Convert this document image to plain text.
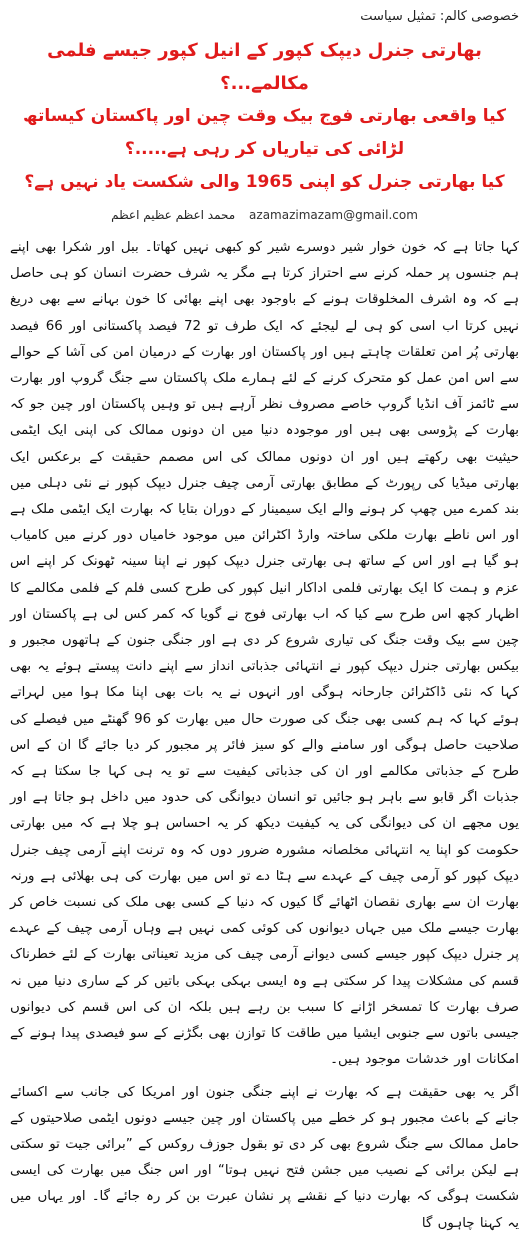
خصوصی کالم: تمثیل سیاست
بھارتی جنرل دیپک کپور کے انیل کپور جیسے فلمی مکالمے...؟
کیا واقعی بھارتی فوج بیک وقت چین اور پاکستان کیساتھ لڑائی کی تیاریاں کر رہی ہے.....؟
کیا بھارتی جنرل کو اپنی 1965 والی شکست یاد نہیں ہے؟
azamazimazam@gmail.com محمد اعظم عظیم اعظم

کہا جاتا ہے کہ خون خوار شیر دوسرے شیر کو کبھی نہیں کھاتا۔ ببل اور شکرا بھی اپنے ہم جنسوں پر حملہ کرنے سے احتراز کرتا ہے مگر یہ شرف حضرت انسان کو ہی حاصل ہے کہ وہ اشرف المخلوقات ہونے کے باوجود بھی اپنے بھائی کا خون بہانے سے بھی دریغ نہیں کرتا اب اسی کو ہی لے لیجئے کہ ایک طرف تو 72 فیصد پاکستانی اور 66 فیصد بھارتی پُر امن تعلقات چاہتے ہیں اور پاکستان اور بھارت کے درمیان امن کی آشا کے حوالے سے اس امن عمل کو متحرک کرنے کے لئے ہمارے ملک پاکستان سے جنگ گروپ اور بھارت سے ٹائمز آف انڈیا گروپ خاصے مصروف نظر آرہے ہیں تو وہیں پاکستان اور چین جو کہ بھارت کے پڑوسی بھی ہیں اور موجودہ دنیا میں ان دونوں ممالک کی اپنی ایک ایٹمی حیثیت بھی رکھتے ہیں اور ان دونوں ممالک کی اس مصمم حقیقت کے برعکس ایک بھارتی میڈیا کی رپورٹ کے مطابق بھارتی آرمی چیف جنرل دیپک کپور نے نئی دہلی میں بند کمرے میں چھپ کر ہونے والے ایک سیمینار کے دوران بتایا کہ بھارت ایک ایٹمی ملک ہے اور اس ناطے بھارت ملکی ساختہ وارڈ اکٹرائن میں موجود خامیاں دور کرنے میں کامیاب ہو گیا ہے اور اس کے ساتھ ہی بھارتی جنرل دیپک کپور نے اپنا سینہ ٹھونک کر اپنے اس عزم و ہمت کا ایک بھارتی فلمی اداکار انیل کپور کی طرح کسی فلم کے فلمی مکالمے کا اظہار کچھ اس طرح سے کیا کہ اب بھارتی فوج نے گویا کہ کمر کس لی ہے پاکستان اور چین سے بیک وقت جنگ کی تیاری شروع کر دی ہے اور جنگی جنون کے ہاتھوں مجبور و بیکس بھارتی جنرل دیپک کپور نے انتہائی جذباتی انداز سے اپنے دانت پیستے ہوئے یہ بھی کہا کہ نئی ڈاکٹرائن جارحانہ ہوگی اور انہوں نے یہ بات بھی اپنا مکا ہوا میں لہراتے ہوئے کہا کہ ہم کسی بھی جنگ کی صورت حال میں بھارت کو 96 گھنٹے میں فیصلے کی صلاحیت حاصل ہوگی اور سامنے والے کو سیز فائر پر مجبور کر دیا جائے گا ان کے اس طرح کے جذباتی مکالمے اور ان کی جذباتی کیفیت سے تو یہ ہی کہا جا سکتا ہے کہ جذبات اگر قابو سے باہر ہو جائیں تو انسان دیوانگی کی حدود میں داخل ہو جاتا ہے اور یوں مجھے ان کی دیوانگی کی یہ کیفیت دیکھ کر یہ احساس ہو چلا ہے کہ میں بھارتی حکومت کو اپنا یہ انتہائی مخلصانہ مشورہ ضرور دوں کہ وہ ترنت اپنے آرمی چیف جنرل دیپک کپور کو آرمی چیف کے عہدے سے ہٹا دے تو اس میں بھارت کی ہی بھلائی ہے ورنہ بھارت ان سے بھاری نقصان اٹھائے گا کیوں کہ دنیا کے کسی بھی ملک کی نسبت خاص کر بھارت جیسے ملک میں جہاں دیوانوں کی کوئی کمی نہیں ہے وہاں آرمی چیف کے عہدے پر جنرل دیپک کپور جیسے کسی دیوانے آرمی چیف کی مزید تعیناتی بھارت کے لئے خطرناک قسم کی مشکلات پیدا کر سکتی ہے وہ ایسی بہکی بہکی باتیں کر کے ساری دنیا میں نہ صرف بھارت کا تمسخر اڑانے کا سبب بن رہے ہیں بلکہ ان کی اس قسم کی دیوانوں جیسی باتوں سے جنوبی ایشیا میں طاقت کا توازن بھی بگڑنے کے سو فیصدی پیدا ہونے کے امکانات اور خدشات موجود ہیں۔

اگر یہ بھی حقیقت ہے کہ بھارت نے اپنے جنگی جنون اور امریکا کی جانب سے اکسائے جانے کے باعث مجبور ہو کر خطے میں پاکستان اور چین جیسے دونوں ایٹمی صلاحیتوں کے حامل ممالک سے جنگ شروع بھی کر دی تو بقول جوزف روکس کے ”برائی جیت تو سکتی ہے لیکن برائی کے نصیب میں جشن فتح نہیں ہوتا“ اور اس جنگ میں بھارت کی ایسی شکست ہوگی کہ بھارت دنیا کے نقشے پر نشان عبرت بن کر رہ جائے گا۔ اور یہاں میں یہ کہنا چاہوں گا
